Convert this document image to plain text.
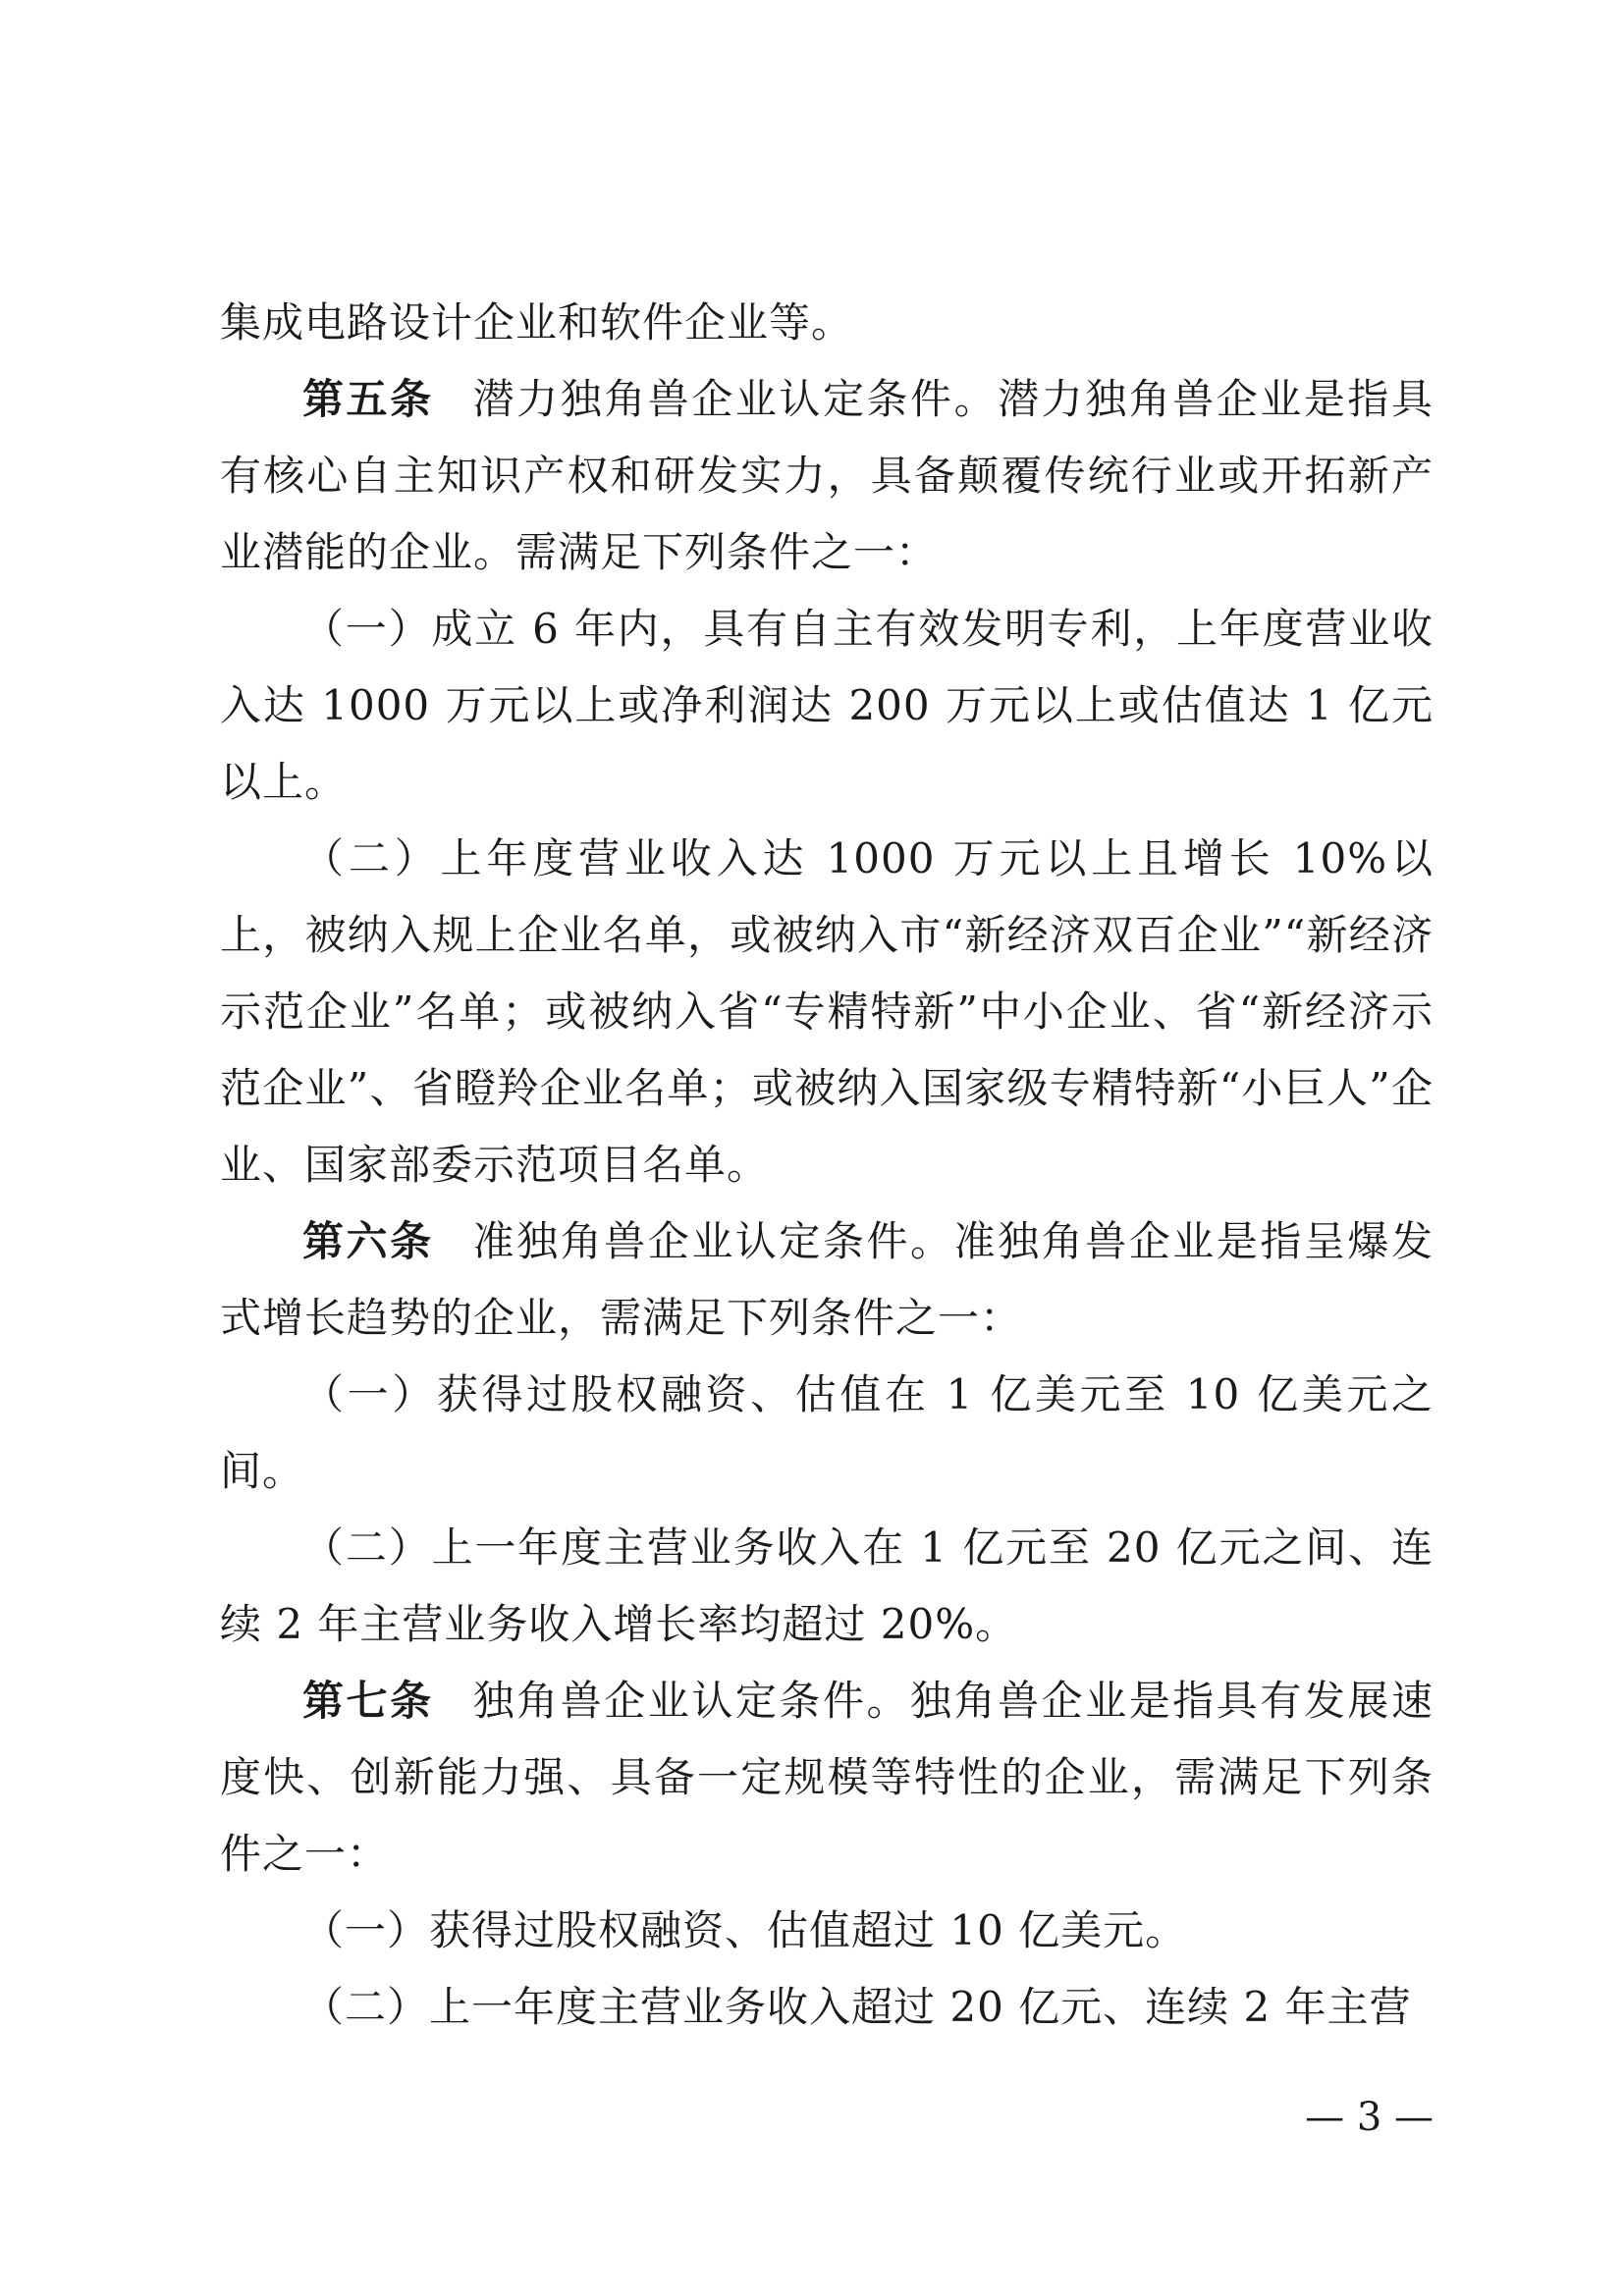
集成电路设计企业和软件企业等。

第五条 潜力独角兽企业认定条件。潜力独角兽企业是指具有核心自主知识产权和研发实力，具备颠覆传统行业或开拓新产业潜能的企业。需满足下列条件之一：

（一）成立 6 年内，具有自主有效发明专利，上年度营业收入达 1000 万元以上或净利润达 200 万元以上或估值达 1 亿元以上。

（二）上年度营业收入达 1000 万元以上且增长 10%以上，被纳入规上企业名单，或被纳入市“新经济双百企业”“新经济示范企业”名单；或被纳入省“专精特新”中小企业、省“新经济示范企业”、省瞪羚企业名单；或被纳入国家级专精特新“小巨人”企业、国家部委示范项目名单。

第六条 准独角兽企业认定条件。准独角兽企业是指呈爆发式增长趋势的企业，需满足下列条件之一：

（一）获得过股权融资、估值在 1 亿美元至 10 亿美元之间。

（二）上一年度主营业务收入在 1 亿元至 20 亿元之间、连续 2 年主营业务收入增长率均超过 20%。

第七条 独角兽企业认定条件。独角兽企业是指具有发展速度快、创新能力强、具备一定规模等特性的企业，需满足下列条件之一：

（一）获得过股权融资、估值超过 10 亿美元。

（二）上一年度主营业务收入超过 20 亿元、连续 2 年主营

— 3 —
